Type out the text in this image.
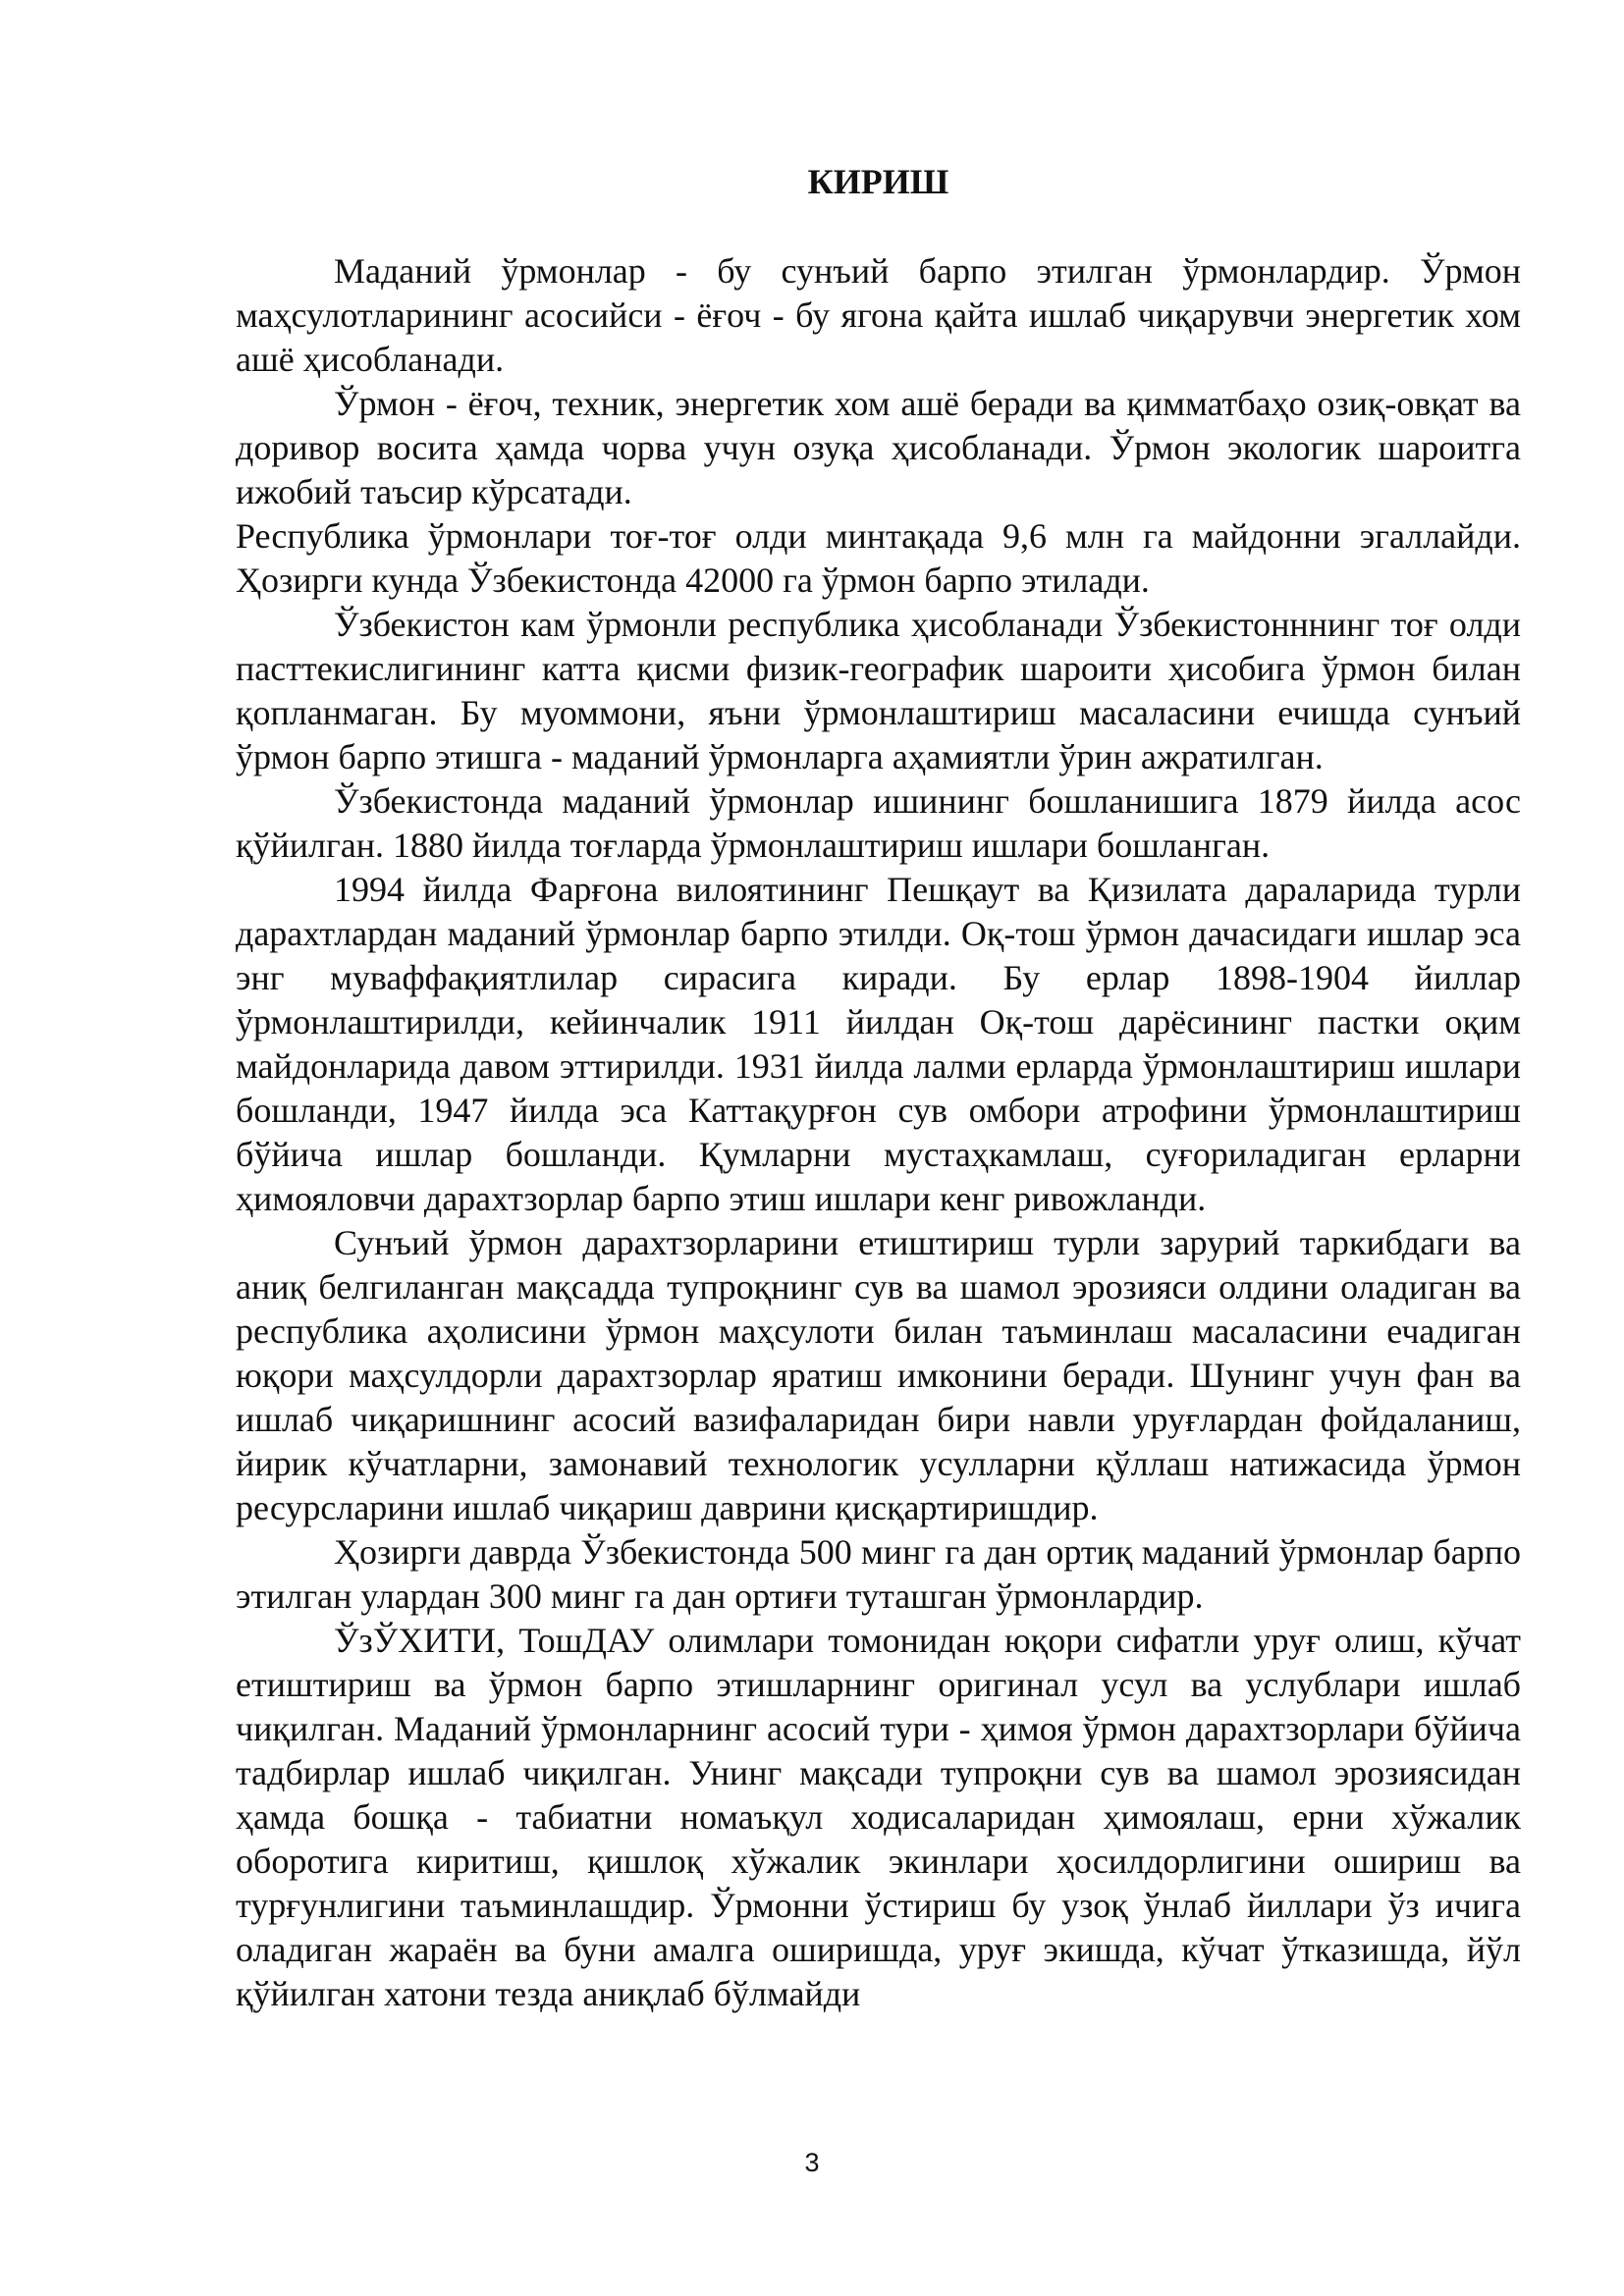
КИРИШ

Маданий ўрмонлар - бу сунъий барпо этилган ўрмонлардир. Ўрмон маҳсулотларининг асосийси - ёғоч - бу ягона қайта ишлаб чиқарувчи энергетик хом ашё ҳисобланади.

Ўрмон - ёғоч, техник, энергетик хом ашё беради ва қимматбаҳо озиқ-овқат ва доривор восита ҳамда чорва учун озуқа ҳисобланади. Ўрмон экологик шароитга ижобий таъсир кўрсатади.

Республика ўрмонлари тоғ-тоғ олди минтақада 9,6 млн га майдонни эгаллайди. Ҳозирги кунда Ўзбекистонда 42000 га ўрмон барпо этилади.

Ўзбекистон кам ўрмонли республика ҳисобланади Ўзбекистонннинг тоғ олди пасттекислигининг катта қисми физик-географик шароити ҳисобига ўрмон билан қопланмаган. Бу муоммони, яъни ўрмонлаштириш масаласини ечишда сунъий ўрмон барпо этишга - маданий ўрмонларга аҳамиятли ўрин ажратилган.

Ўзбекистонда маданий ўрмонлар ишининг бошланишига 1879 йилда асос қўйилган. 1880 йилда тоғларда ўрмонлаштириш ишлари бошланган.

1994 йилда Фарғона вилоятининг Пешқаут ва Қизилата дараларида турли дарахтлардан маданий ўрмонлар барпо этилди. Оқ-тош ўрмон дачасидаги ишлар эса энг муваффақиятлилар сирасига киради. Бу ерлар 1898-1904 йиллар ўрмонлаштирилди, кейинчалик 1911 йилдан Оқ-тош дарёсининг пастки оқим майдонларида давом эттирилди. 1931 йилда лалми ерларда ўрмонлаштириш ишлари бошланди, 1947 йилда эса Каттақурғон сув омбори атрофини ўрмонлаштириш бўйича ишлар бошланди. Қумларни мустаҳкамлаш, суғориладиган ерларни ҳимояловчи дарахтзорлар барпо этиш ишлари кенг ривожланди.

Сунъий ўрмон дарахтзорларини етиштириш турли зарурий таркибдаги ва аниқ белгиланган мақсадда тупроқнинг сув ва шамол эрозияси олдини оладиган ва республика аҳолисини ўрмон маҳсулоти билан таъминлаш масаласини ечадиган юқори маҳсулдорли дарахтзорлар яратиш имконини беради. Шунинг учун фан ва ишлаб чиқаришнинг асосий вазифаларидан бири навли уруғлардан фойдаланиш, йирик кўчатларни, замонавий технологик усулларни қўллаш натижасида ўрмон ресурсларини ишлаб чиқариш даврини қисқартиришдир.

Ҳозирги даврда Ўзбекистонда 500 минг га дан ортиқ маданий ўрмонлар барпо этилган улардан 300 минг га дан ортиғи туташган ўрмонлардир.

ЎзЎХИТИ, ТошДАУ олимлари томонидан юқори сифатли уруғ олиш, кўчат етиштириш ва ўрмон барпо этишларнинг оригинал усул ва услублари ишлаб чиқилган. Маданий ўрмонларнинг асосий тури - ҳимоя ўрмон дарахтзорлари бўйича тадбирлар ишлаб чиқилган. Унинг мақсади тупроқни сув ва шамол эрозиясидан ҳамда бошқа - табиатни номаъқул ходисаларидан ҳимоялаш, ерни хўжалик оборотига киритиш, қишлоқ хўжалик экинлари ҳосилдорлигини ошириш ва турғунлигини таъминлашдир. Ўрмонни ўстириш бу узоқ ўнлаб йиллари ўз ичига оладиган жараён ва буни амалга оширишда, уруғ экишда, кўчат ўтказишда, йўл қўйилган хатони тезда аниқлаб бўлмайди

3
